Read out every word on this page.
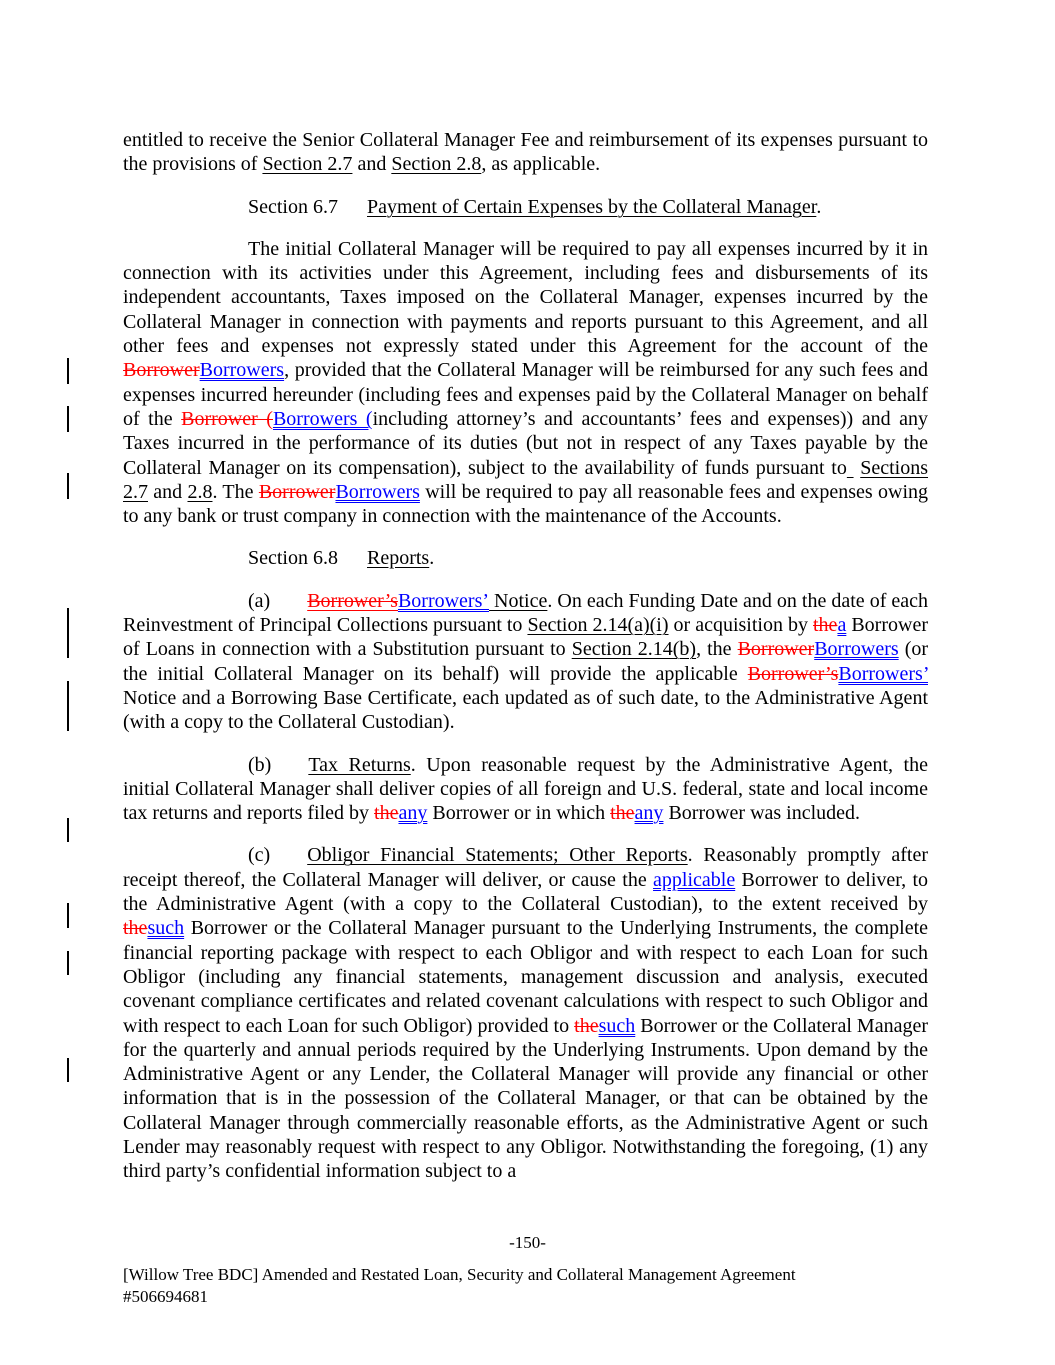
entitled to receive the Senior Collateral Manager Fee and reimbursement of its expenses pursuant to the provisions of Section 2.7 and Section 2.8, as applicable.

Section 6.7 Payment of Certain Expenses by the Collateral Manager.

The initial Collateral Manager will be required to pay all expenses incurred by it in connection with its activities under this Agreement, including fees and disbursements of its independent accountants, Taxes imposed on the Collateral Manager, expenses incurred by the Collateral Manager in connection with payments and reports pursuant to this Agreement, and all other fees and expenses not expressly stated under this Agreement for the account of the BorrowerBorrowers, provided that the Collateral Manager will be reimbursed for any such fees and expenses incurred hereunder (including fees and expenses paid by the Collateral Manager on behalf of the Borrower (Borrowers (including attorney’s and accountants’ fees and expenses)) and any Taxes incurred in the performance of its duties (but not in respect of any Taxes payable by the Collateral Manager on its compensation), subject to the availability of funds pursuant to Sections 2.7 and 2.8. The BorrowerBorrowers will be required to pay all reasonable fees and expenses owing to any bank or trust company in connection with the maintenance of the Accounts.

Section 6.8 Reports.

(a) Borrower’sBorrowers’ Notice. On each Funding Date and on the date of each Reinvestment of Principal Collections pursuant to Section 2.14(a)(i) or acquisition by thea Borrower of Loans in connection with a Substitution pursuant to Section 2.14(b), the BorrowerBorrowers (or the initial Collateral Manager on its behalf) will provide the applicable Borrower’sBorrowers’ Notice and a Borrowing Base Certificate, each updated as of such date, to the Administrative Agent (with a copy to the Collateral Custodian).

(b) Tax Returns. Upon reasonable request by the Administrative Agent, the initial Collateral Manager shall deliver copies of all foreign and U.S. federal, state and local income tax returns and reports filed by theany Borrower or in which theany Borrower was included.

(c) Obligor Financial Statements; Other Reports. Reasonably promptly after receipt thereof, the Collateral Manager will deliver, or cause the applicable Borrower to deliver, to the Administrative Agent (with a copy to the Collateral Custodian), to the extent received by thesuch Borrower or the Collateral Manager pursuant to the Underlying Instruments, the complete financial reporting package with respect to each Obligor and with respect to each Loan for such Obligor (including any financial statements, management discussion and analysis, executed covenant compliance certificates and related covenant calculations with respect to such Obligor and with respect to each Loan for such Obligor) provided to thesuch Borrower or the Collateral Manager for the quarterly and annual periods required by the Underlying Instruments. Upon demand by the Administrative Agent or any Lender, the Collateral Manager will provide any financial or other information that is in the possession of the Collateral Manager, or that can be obtained by the Collateral Manager through commercially reasonable efforts, as the Administrative Agent or such Lender may reasonably request with respect to any Obligor. Notwithstanding the foregoing, (1) any third party’s confidential information subject to a

-150-
[Willow Tree BDC] Amended and Restated Loan, Security and Collateral Management Agreement
#506694681
